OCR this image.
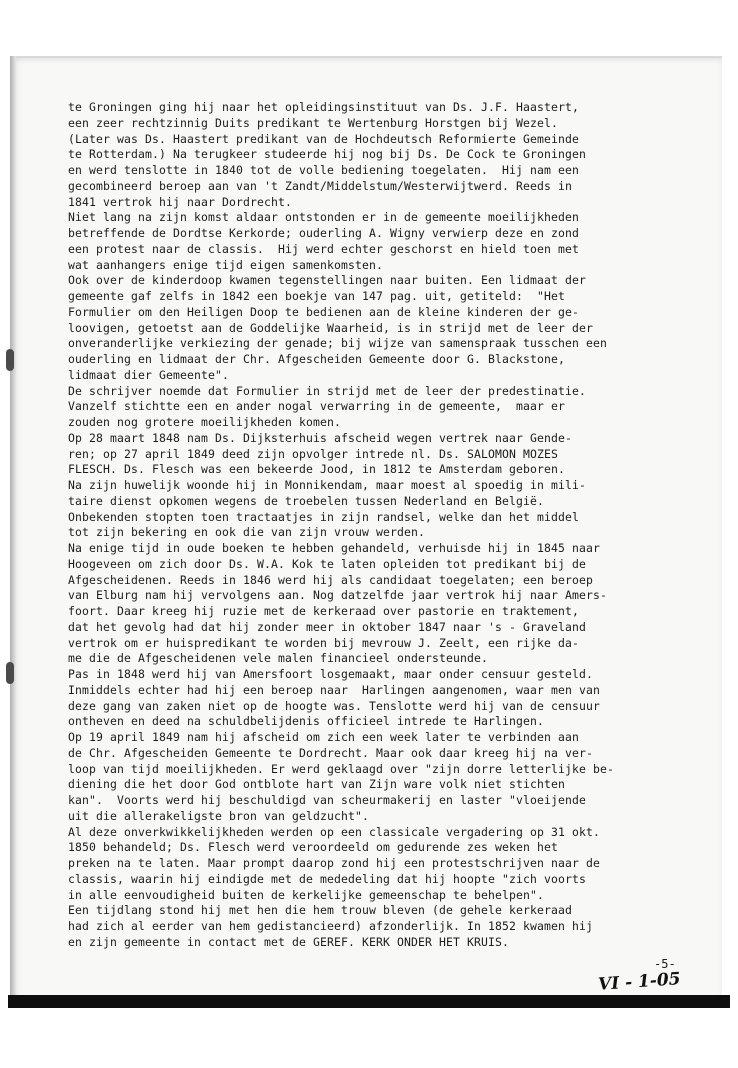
te Groningen ging hij naar het opleidingsinstituut van Ds. J.F. Haastert,
een zeer rechtzinnig Duits predikant te Wertenburg Horstgen bij Wezel.
(Later was Ds. Haastert predikant van de Hochdeutsch Reformierte Gemeinde
te Rotterdam.) Na terugkeer studeerde hij nog bij Ds. De Cock te Groningen
en werd tenslotte in 1840 tot de volle bediening toegelaten.  Hij nam een
gecombineerd beroep aan van 't Zandt/Middelstum/Westerwijtwerd. Reeds in
1841 vertrok hij naar Dordrecht.
Niet lang na zijn komst aldaar ontstonden er in de gemeente moeilijkheden
betreffende de Dordtse Kerkorde; ouderling A. Wigny verwierp deze en zond
een protest naar de classis.  Hij werd echter geschorst en hield toen met
wat aanhangers enige tijd eigen samenkomsten.
Ook over de kinderdoop kwamen tegenstellingen naar buiten. Een lidmaat der
gemeente gaf zelfs in 1842 een boekje van 147 pag. uit, getiteld:  "Het
Formulier om den Heiligen Doop te bedienen aan de kleine kinderen der ge-
loovigen, getoetst aan de Goddelijke Waarheid, is in strijd met de leer der
onveranderlijke verkiezing der genade; bij wijze van samenspraak tusschen een
ouderling en lidmaat der Chr. Afgescheiden Gemeente door G. Blackstone,
lidmaat dier Gemeente".
De schrijver noemde dat Formulier in strijd met de leer der predestinatie.
Vanzelf stichtte een en ander nogal verwarring in de gemeente,  maar er
zouden nog grotere moeilijkheden komen.
Op 28 maart 1848 nam Ds. Dijksterhuis afscheid wegen vertrek naar Gende-
ren; op 27 april 1849 deed zijn opvolger intrede nl. Ds. SALOMON MOZES
FLESCH. Ds. Flesch was een bekeerde Jood, in 1812 te Amsterdam geboren.
Na zijn huwelijk woonde hij in Monnikendam, maar moest al spoedig in mili-
taire dienst opkomen wegens de troebelen tussen Nederland en België.
Onbekenden stopten toen tractaatjes in zijn randsel, welke dan het middel
tot zijn bekering en ook die van zijn vrouw werden.
Na enige tijd in oude boeken te hebben gehandeld, verhuisde hij in 1845 naar
Hoogeveen om zich door Ds. W.A. Kok te laten opleiden tot predikant bij de
Afgescheidenen. Reeds in 1846 werd hij als candidaat toegelaten; een beroep
van Elburg nam hij vervolgens aan. Nog datzelfde jaar vertrok hij naar Amers-
foort. Daar kreeg hij ruzie met de kerkeraad over pastorie en traktement,
dat het gevolg had dat hij zonder meer in oktober 1847 naar 's - Graveland
vertrok om er huispredikant te worden bij mevrouw J. Zeelt, een rijke da-
me die de Afgescheidenen vele malen financieel ondersteunde.
Pas in 1848 werd hij van Amersfoort losgemaakt, maar onder censuur gesteld.
Inmiddels echter had hij een beroep naar  Harlingen aangenomen, waar men van
deze gang van zaken niet op de hoogte was. Tenslotte werd hij van de censuur
ontheven en deed na schuldbelijdenis officieel intrede te Harlingen.
Op 19 april 1849 nam hij afscheid om zich een week later te verbinden aan
de Chr. Afgescheiden Gemeente te Dordrecht. Maar ook daar kreeg hij na ver-
loop van tijd moeilijkheden. Er werd geklaagd over "zijn dorre letterlijke be-
diening die het door God ontblote hart van Zijn ware volk niet stichten
kan".  Voorts werd hij beschuldigd van scheurmakerij en laster "vloeijende
uit die allerakeligste bron van geldzucht".
Al deze onverkwikkelijkheden werden op een classicale vergadering op 31 okt.
1850 behandeld; Ds. Flesch werd veroordeeld om gedurende zes weken het
preken na te laten. Maar prompt daarop zond hij een protestschrijven naar de
classis, waarin hij eindigde met de mededeling dat hij hoopte "zich voorts
in alle eenvoudigheid buiten de kerkelijke gemeenschap te behelpen".
Een tijdlang stond hij met hen die hem trouw bleven (de gehele kerkeraad
had zich al eerder van hem gedistancieerd) afzonderlijk. In 1852 kwamen hij
en zijn gemeente in contact met de GEREF. KERK ONDER HET KRUIS.
-5-
VI - 1-05
